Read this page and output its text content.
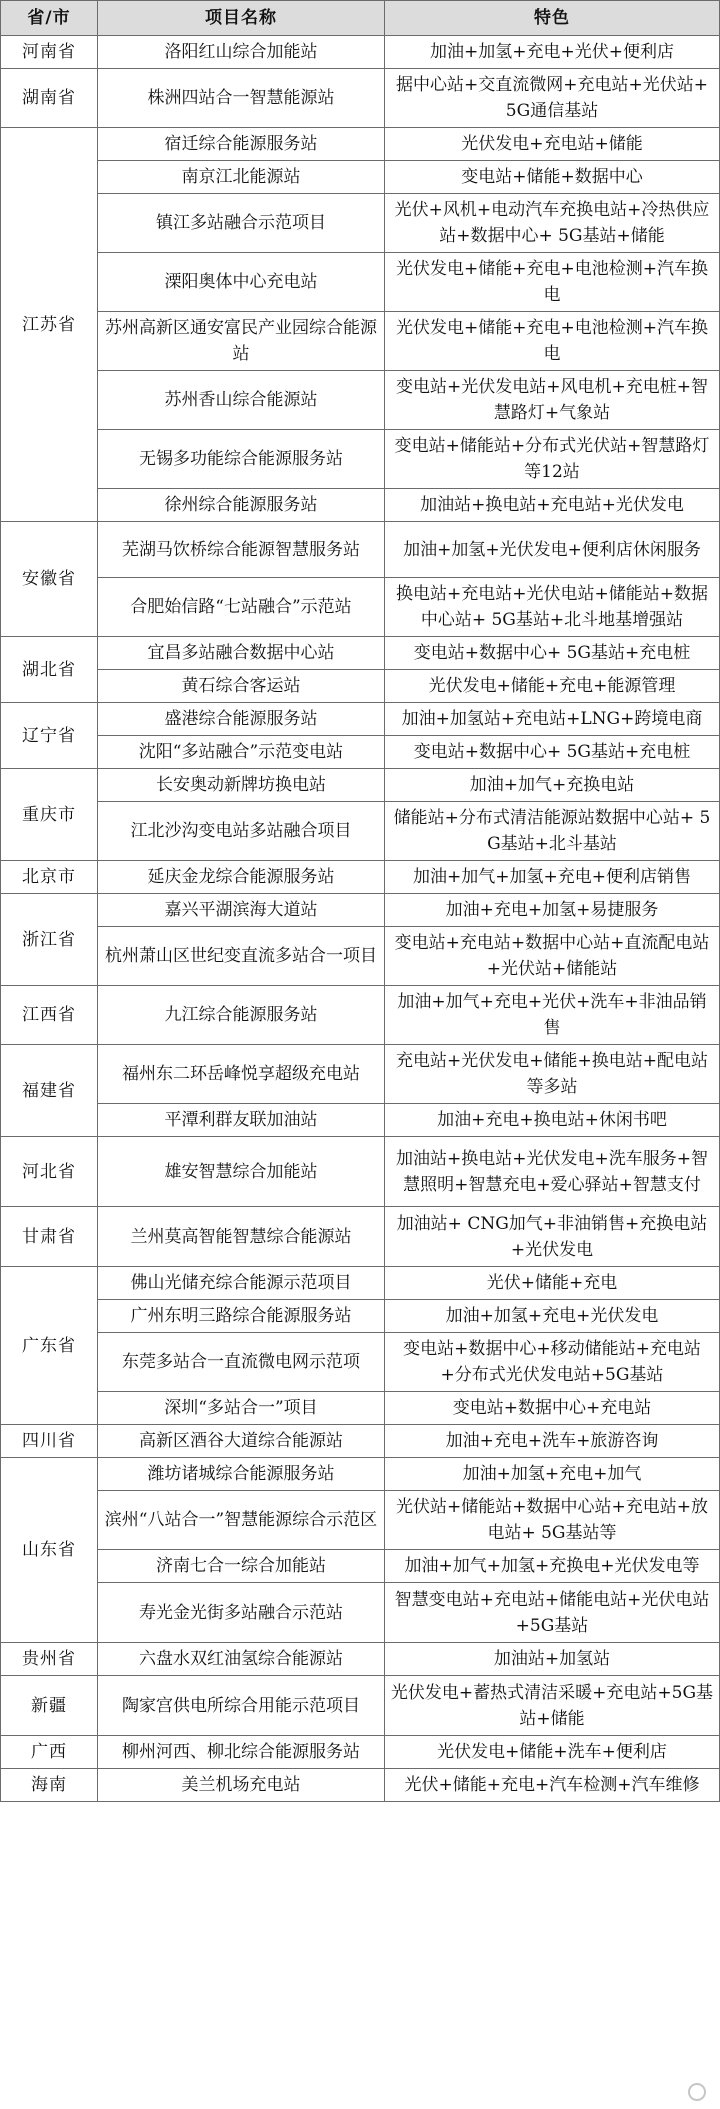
省/市	项目名称	特色
河南省	洛阳红山综合加能站	加油+加氢+充电+光伏+便利店
湖南省	株洲四站合一智慧能源站	据中心站+交直流微网+充电站+光伏站+ 5G通信基站
江苏省	宿迁综合能源服务站	光伏发电+充电站+储能
	南京江北能源站	变电站+储能+数据中心
	镇江多站融合示范项目	光伏+风机+电动汽车充换电站+冷热供应站+数据中心+ 5G基站+储能
	溧阳奥体中心充电站	光伏发电+储能+充电+电池检测+汽车换电
	苏州高新区通安富民产业园综合能源站	光伏发电+储能+充电+电池检测+汽车换电
	苏州香山综合能源站	变电站+光伏发电站+风电机+充电桩+智慧路灯+气象站
	无锡多功能综合能源服务站	变电站+储能站+分布式光伏站+智慧路灯等12站
	徐州综合能源服务站	加油站+换电站+充电站+光伏发电
安徽省	芜湖马饮桥综合能源智慧服务站	加油+加氢+光伏发电+便利店休闲服务
	合肥始信路“七站融合”示范站	换电站+充电站+光伏电站+储能站+数据中心站+ 5G基站+北斗地基增强站
湖北省	宜昌多站融合数据中心站	变电站+数据中心+ 5G基站+充电桩
	黄石综合客运站	光伏发电+储能+充电+能源管理
辽宁省	盛港综合能源服务站	加油+加氢站+充电站+LNG+跨境电商
	沈阳“多站融合”示范变电站	变电站+数据中心+ 5G基站+充电桩
重庆市	长安奥动新牌坊换电站	加油+加气+充换电站
	江北沙沟变电站多站融合项目	储能站+分布式清洁能源站数据中心站+ 5G基站+北斗基站
北京市	延庆金龙综合能源服务站	加油+加气+加氢+充电+便利店销售
浙江省	嘉兴平湖滨海大道站	加油+充电+加氢+易捷服务
	杭州萧山区世纪变直流多站合一项目	变电站+充电站+数据中心站+直流配电站+光伏站+储能站
江西省	九江综合能源服务站	加油+加气+充电+光伏+洗车+非油品销售
福建省	福州东二环岳峰悦享超级充电站	充电站+光伏发电+储能+换电站+配电站等多站
	平潭利群友联加油站	加油+充电+换电站+休闲书吧
河北省	雄安智慧综合加能站	加油站+换电站+光伏发电+洗车服务+智慧照明+智慧充电+爱心驿站+智慧支付
甘肃省	兰州莫高智能智慧综合能源站	加油站+ CNG加气+非油销售+充换电站+光伏发电
广东省	佛山光储充综合能源示范项目	光伏+储能+充电
	广州东明三路综合能源服务站	加油+加氢+充电+光伏发电
	东莞多站合一直流微电网示范项	变电站+数据中心+移动储能站+充电站+分布式光伏发电站+5G基站
	深圳“多站合一”项目	变电站+数据中心+充电站
四川省	高新区酒谷大道综合能源站	加油+充电+洗车+旅游咨询
山东省	潍坊诸城综合能源服务站	加油+加氢+充电+加气
	滨州“八站合一”智慧能源综合示范区	光伏站+储能站+数据中心站+充电站+放电站+ 5G基站等
	济南七合一综合加能站	加油+加气+加氢+充换电+光伏发电等
	寿光金光街多站融合示范站	智慧变电站+充电站+储能电站+光伏电站+5G基站
贵州省	六盘水双红油氢综合能源站	加油站+加氢站
新疆	陶家宫供电所综合用能示范项目	光伏发电+蓄热式清洁采暖+充电站+5G基站+储能
广西	柳州河西、柳北综合能源服务站	光伏发电+储能+洗车+便利店
海南	美兰机场充电站	光伏+储能+充电+汽车检测+汽车维修
